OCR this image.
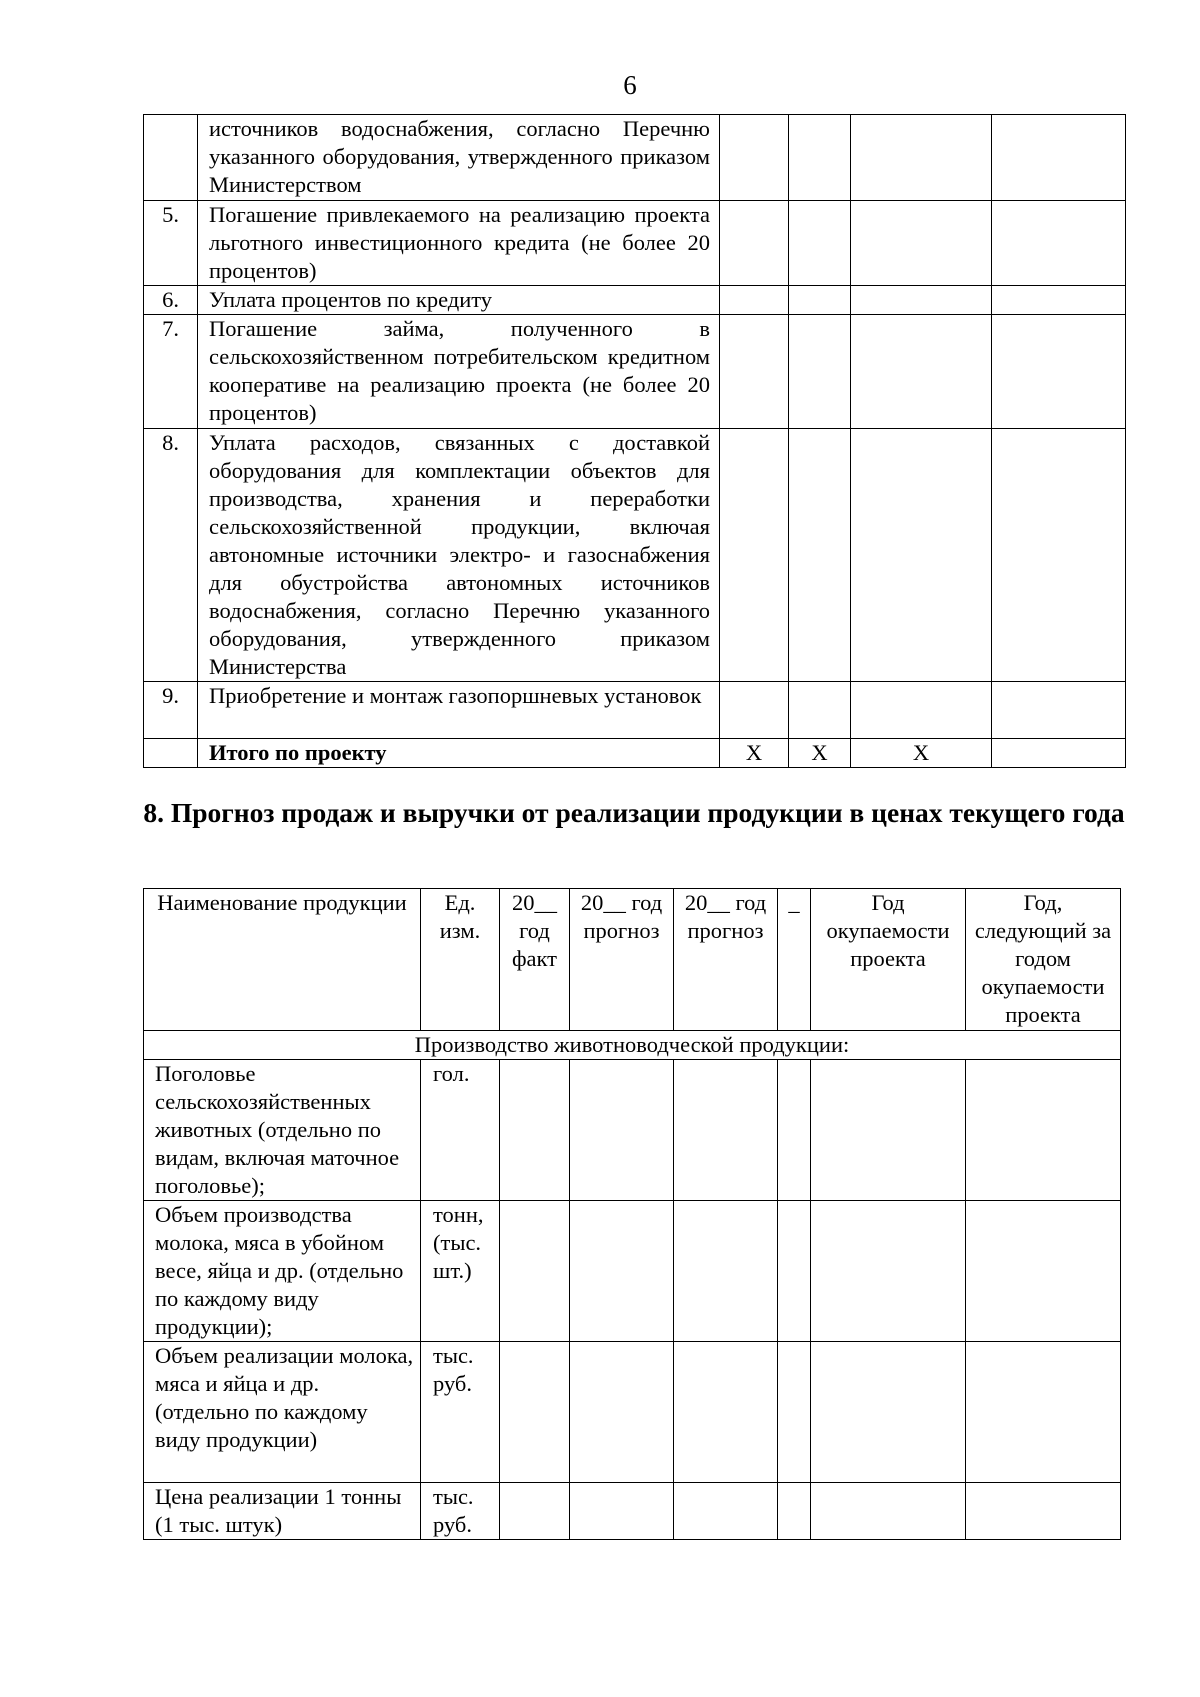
6
	источников водоснабжения, согласно Перечню указанного оборудования, утвержденного приказом Министерством				
5.	Погашение привлекаемого на реализацию проекта льготного инвестиционного кредита (не более 20 процентов)				
6.	Уплата процентов по кредиту				
7.	Погашение займа, полученного в сельскохозяйственном потребительском кредитном кооперативе на реализацию проекта (не более 20 процентов)				
8.	Уплата расходов, связанных с доставкой оборудования для комплектации объектов для производства, хранения и переработки сельскохозяйственной продукции, включая автономные источники электро- и газоснабжения для обустройства автономных источников водоснабжения, согласно Перечню указанного оборудования, утвержденного приказом Министерства				
9.	Приобретение и монтаж газопоршневых установок				
	Итого по проекту	Х	Х	Х	
8. Прогноз продаж и выручки от реализации продукции в ценах текущего года
Наименование продукции	Ед. изм.	20__ год факт	20__ год прогноз	20__ год прогноз	_	Год окупаемости проекта	Год, следующий за годом окупаемости проекта
Производство животноводческой продукции:							
Поголовье сельскохозяйственных животных (отдельно по видам, включая маточное поголовье);	гол.						
Объем производства молока, мяса в убойном весе, яйца и др. (отдельно по каждому виду продукции);	тонн, (тыс. шт.)						
Объем реализации молока, мяса и яйца и др. (отдельно по каждому виду продукции)	тыс. руб.						
Цена реализации 1 тонны (1 тыс. штук)	тыс. руб.						
